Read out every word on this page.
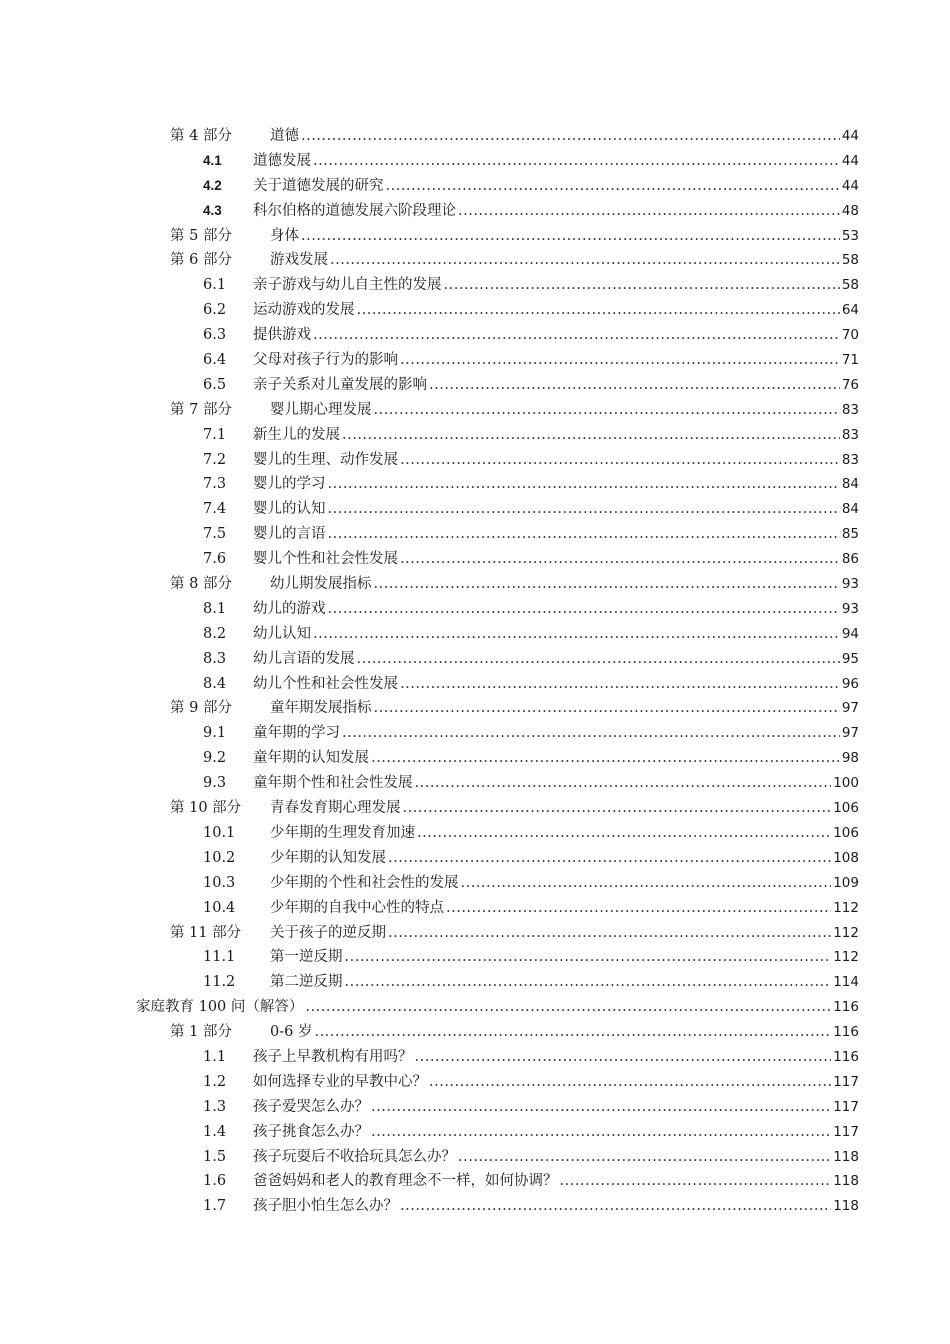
第 4 部分	道德 .....	44
4.1 道德发展 .....	44
4.2 关于道德发展的研究 .....	44
4.3 科尔伯格的道德发展六阶段理论 .....	48
第 5 部分	身体 .....	53
第 6 部分	游戏发展 .....	58
6.1 亲子游戏与幼儿自主性的发展 .....	58
6.2 运动游戏的发展 .....	64
6.3 提供游戏 .....	70
6.4 父母对孩子行为的影响 .....	71
6.5 亲子关系对儿童发展的影响 .....	76
第 7 部分	婴儿期心理发展 .....	83
7.1 新生儿的发展 .....	83
7.2 婴儿的生理、动作发展 .....	83
7.3 婴儿的学习 .....	84
7.4 婴儿的认知 .....	84
7.5 婴儿的言语 .....	85
7.6 婴儿个性和社会性发展 .....	86
第 8 部分	幼儿期发展指标 .....	93
8.1 幼儿的游戏 .....	93
8.2 幼儿认知 .....	94
8.3 幼儿言语的发展 .....	95
8.4 幼儿个性和社会性发展 .....	96
第 9 部分	童年期发展指标 .....	97
9.1 童年期的学习 .....	97
9.2 童年期的认知发展 .....	98
9.3 童年期个性和社会性发展 .....	100
第 10 部分 青春发育期心理发展 .....	106
10.1 少年期的生理发育加速 .....	106
10.2 少年期的认知发展 .....	108
10.3 少年期的个性和社会性的发展 .....	109
10.4 少年期的自我中心性的特点 .....	112
第 11 部分 关于孩子的逆反期 .....	112
11.1 第一逆反期 .....	112
11.2 第二逆反期 .....	114
家庭教育 100 问（解答） .....	116
第 1 部分	0-6 岁 .....	116
1.1 孩子上早教机构有用吗？ .....	116
1.2 如何选择专业的早教中心？ .....	117
1.3 孩子爱哭怎么办？ .....	117
1.4 孩子挑食怎么办？ .....	117
1.5 孩子玩耍后不收拾玩具怎么办？ .....	118
1.6 爸爸妈妈和老人的教育理念不一样，如何协调？ .....	118
1.7 孩子胆小怕生怎么办？ .....	118
